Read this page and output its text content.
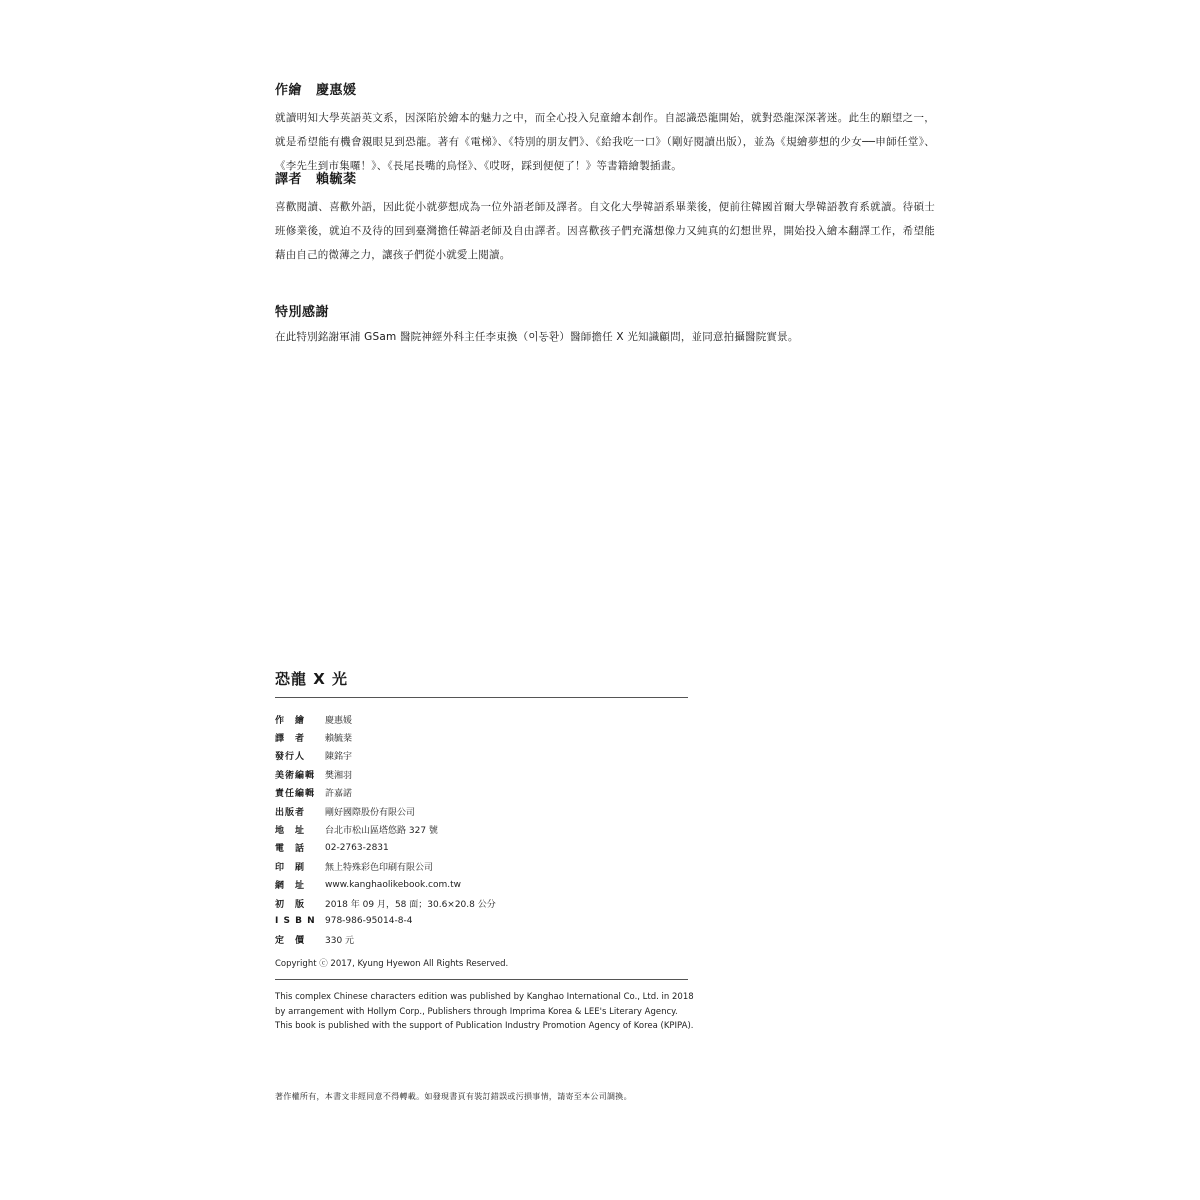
作繪 慶惠媛

就讀明知大學英語英文系，因深陷於繪本的魅力之中，而全心投入兒童繪本創作。自認識恐龍開始，就對恐龍深深著迷。此生的願望之一，就是希望能有機會親眼見到恐龍。著有《電梯》、《特別的朋友們》、《給我吃一口》（剛好閱讀出版），並為《規繪夢想的少女──申師任堂》、《李先生到市集囉！》、《長尾長嘴的鳥怪》、《哎呀，踩到便便了！》等書籍繪製插畫。

譯者 賴毓棻

喜歡閱讀、喜歡外語，因此從小就夢想成為一位外語老師及譯者。自文化大學韓語系畢業後，便前往韓國首爾大學韓語教育系就讀。待碩士班修業後，就迫不及待的回到臺灣擔任韓語老師及自由譯者。因喜歡孩子們充滿想像力又純真的幻想世界，開始投入繪本翻譯工作，希望能藉由自己的微薄之力，讓孩子們從小就愛上閱讀。

特別感謝

在此特別銘謝軍浦 GSam 醫院神經外科主任李東換（이동환）醫師擔任 X 光知識顧問，並同意拍攝醫院實景。

恐龍 X 光
作　繪	慶惠媛
譯　者	賴毓棻
發行人	陳銘宇
美術編輯	樊湘羽
責任編輯	許嘉諾
出版者	剛好國際股份有限公司
地　址	台北市松山區塔悠路 327 號
電　話	02-2763-2831
印　刷	無上特殊彩色印刷有限公司
網　址	www.kanghaolikebook.com.tw
初　版	2018 年 09 月，58 面；30.6×20.8 公分
I S B N	978-986-95014-8-4
定　價	330 元
Copyright ⓒ 2017, Kyung Hyewon All Rights Reserved.

This complex Chinese characters edition was published by Kanghao International Co., Ltd. in 2018 by arrangement with Hollym Corp., Publishers through Imprima Korea & LEE's Literary Agency. This book is published with the support of Publication Industry Promotion Agency of Korea (KPIPA).

著作權所有，本書文非經同意不得轉載。如發現書頁有裝訂錯誤或污損事情，請寄至本公司調換。
